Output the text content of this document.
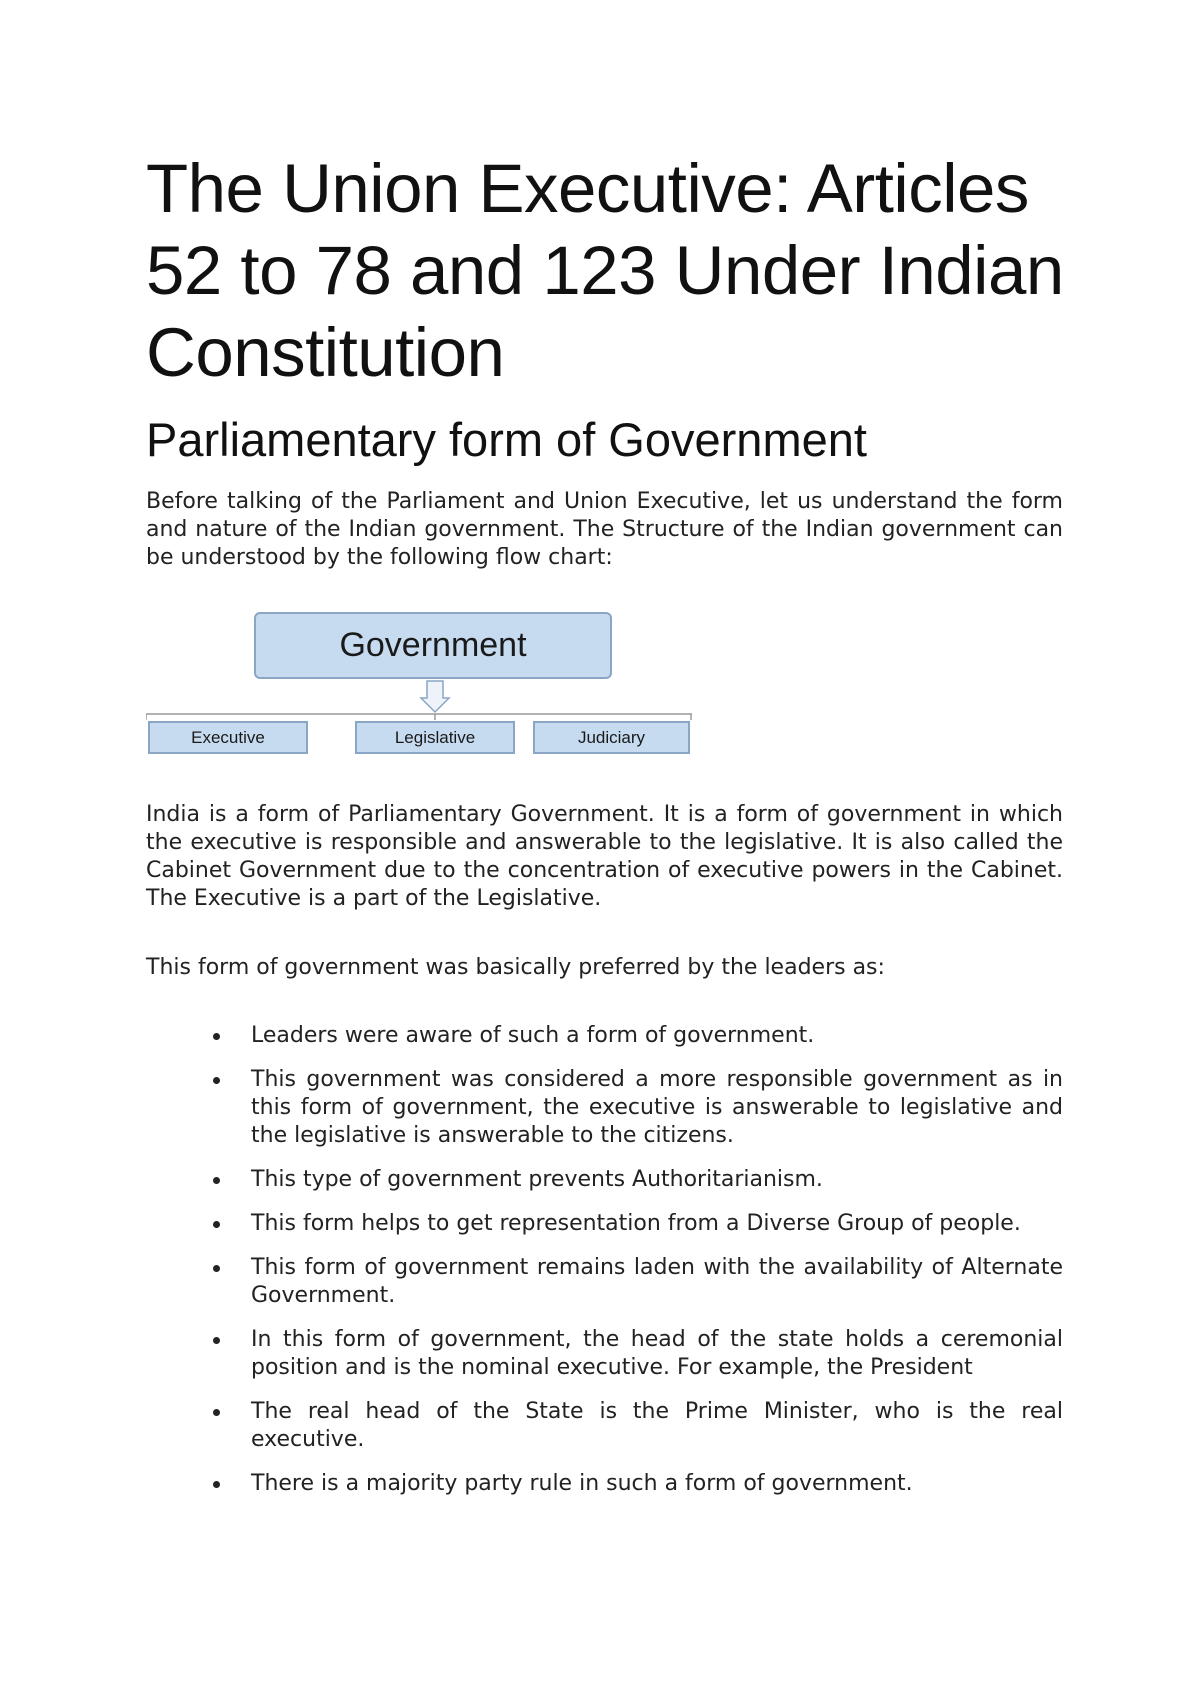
The Union Executive: Articles 52 to 78 and 123 Under Indian Constitution
Parliamentary form of Government

Before talking of the Parliament and Union Executive, let us understand the form and nature of the Indian government. The Structure of the Indian government can be understood by the following flow chart:

Government
Executive	Legislative	Judiciary

India is a form of Parliamentary Government. It is a form of government in which the executive is responsible and answerable to the legislative. It is also called the Cabinet Government due to the concentration of executive powers in the Cabinet. The Executive is a part of the Legislative.

This form of government was basically preferred by the leaders as:

Leaders were aware of such a form of government.
This government was considered a more responsible government as in this form of government, the executive is answerable to legislative and the legislative is answerable to the citizens.
This type of government prevents Authoritarianism.
This form helps to get representation from a Diverse Group of people.
This form of government remains laden with the availability of Alternate Government.
In this form of government, the head of the state holds a ceremonial position and is the nominal executive. For example, the President
The real head of the State is the Prime Minister, who is the real executive.
There is a majority party rule in such a form of government.
